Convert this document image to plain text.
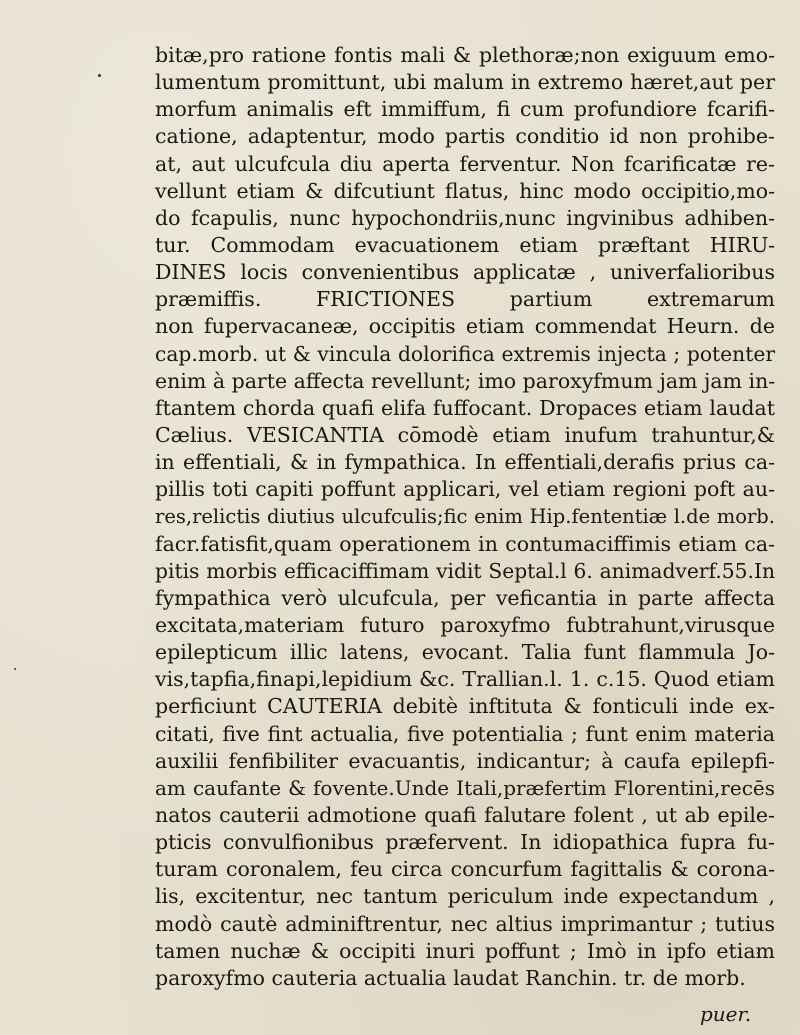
bitæ,pro ratione fontis mali & plethoræ;non exiguum emo-
lumentum promittunt, ubi malum in extremo hæret,aut per
morfum animalis eft immiffum, fi cum profundiore fcarifi-
catione, adaptentur, modo partis conditio id non prohibe-
at, aut ulcufcula diu aperta ferventur. Non fcarificatæ re-
vellunt etiam & difcutiunt flatus, hinc modo occipitio,mo-
do fcapulis, nunc hypochondriis,nunc ingvinibus adhiben-
tur. Commodam evacuationem etiam præftant HIRU-
DINES locis convenientibus applicatæ , univerfalioribus
præmiffis. FRICTIONES partium extremarum
non fupervacaneæ, occipitis etiam commendat Heurn. de
cap.morb. ut & vincula dolorifica extremis injecta ; potenter
enim à parte affecta revellunt; imo paroxyfmum jam jam in-
ftantem chorda quafi elifa fuffocant. Dropaces etiam laudat
Cælius. VESICANTIA cōmodè etiam inufum trahuntur,&
in effentiali, & in fympathica. In effentiali,derafis prius ca-
pillis toti capiti poffunt applicari, vel etiam regioni poft au-
res,relictis diutius ulcufculis;fic enim Hip.fententiæ l.de morb.
facr.fatisfit,quam operationem in contumaciffimis etiam ca-
pitis morbis efficaciffimam vidit Septal.l 6. animadverf.55.In
fympathica verò ulcufcula, per veficantia in parte affecta
excitata,materiam futuro paroxyfmo fubtrahunt,virusque
epilepticum illic latens, evocant. Talia funt flammula Jo-
vis,tapfia,finapi,lepidium &c. Trallian.l. 1. c.15. Quod etiam
perficiunt CAUTERIA debitè inftituta & fonticuli inde ex-
citati, five fint actualia, five potentialia ; funt enim materia
auxilii fenfibiliter evacuantis, indicantur; à caufa epilepfi-
am caufante & fovente.Unde Itali,præfertim Florentini,recēs
natos cauterii admotione quafi falutare folent , ut ab epile-
pticis convulfionibus præfervent. In idiopathica fupra fu-
turam coronalem, feu circa concurfum fagittalis & corona-
lis, excitentur, nec tantum periculum inde expectandum ,
modò cautè adminiftrentur, nec altius imprimantur ; tutius
tamen nuchæ & occipiti inuri poffunt ; Imò in ipfo etiam
paroxyfmo cauteria actualia laudat Ranchin. tr. de morb.
puer.
